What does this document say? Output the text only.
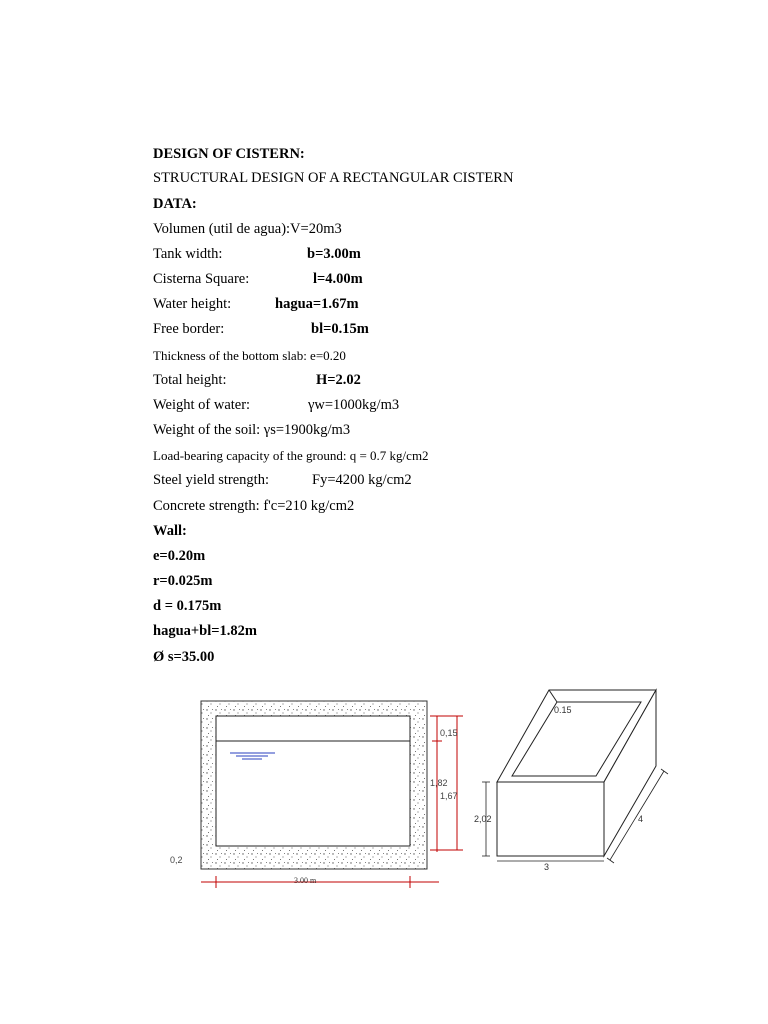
DESIGN OF CISTERN:
STRUCTURAL DESIGN OF A RECTANGULAR CISTERN
DATA:
Volumen (util de agua):V=20m3
Tank width:	b=3.00m
Cisterna Square:	l=4.00m
Water height:	hagua=1.67m
Free border:	bl=0.15m
Thickness of the bottom slab: e=0.20
Total height:	H=2.02
Weight of water:	γw=1000kg/m3
Weight of the soil: γs=1900kg/m3
Load-bearing capacity of the ground: q = 0.7 kg/cm2
Steel yield strength:	Fy=4200 kg/cm2
Concrete strength: f'c=210 kg/cm2
Wall:
e=0.20m
r=0.025m
d = 0.175m
hagua+bl=1.82m
Ø s=35.00
0,15
1,82
1,67
0,2
3.00 m
0.15
2,02
3
4
